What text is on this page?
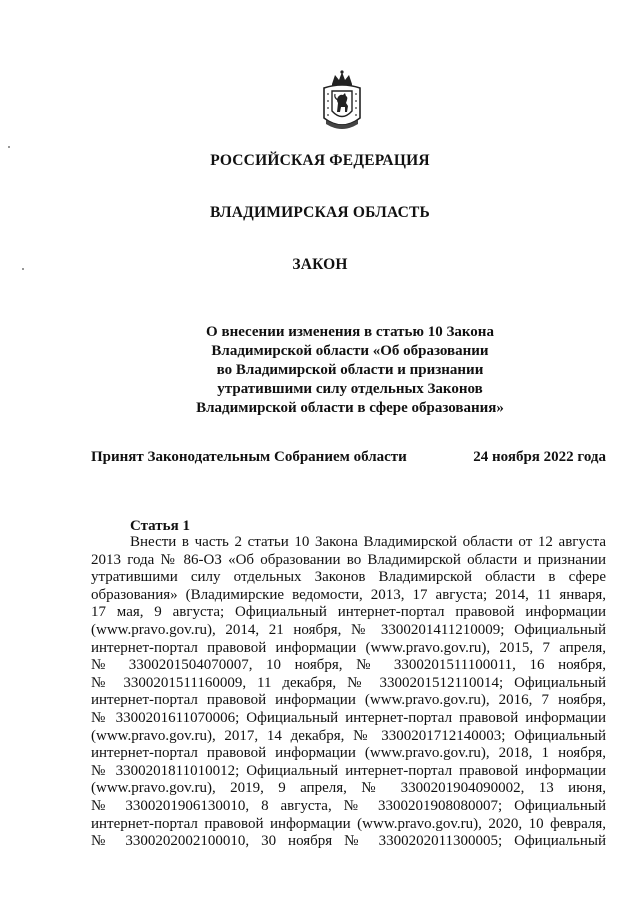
РОССИЙСКАЯ ФЕДЕРАЦИЯ
ВЛАДИМИРСКАЯ ОБЛАСТЬ
ЗАКОН
О внесении изменения в статью 10 Закона
Владимирской области «Об образовании
во Владимирской области и признании
утратившими силу отдельных Законов
Владимирской области в сфере образования»
Принят Законодательным Собранием области	24 ноября 2022 года
Статья 1
Внести в часть 2 статьи 10 Закона Владимирской области от 12 августа
2013 года № 86-ОЗ «Об образовании во Владимирской области и признании
утратившими силу отдельных Законов Владимирской области в сфере
образования» (Владимирские ведомости, 2013, 17 августа; 2014, 11 января,
17 мая, 9 августа; Официальный интернет-портал правовой информации
(www.pravo.gov.ru), 2014, 21 ноября, № 3300201411210009; Официальный
интернет-портал правовой информации (www.pravo.gov.ru), 2015, 7 апреля,
№ 3300201504070007, 10 ноября, № 3300201511100011, 16 ноября,
№ 3300201511160009, 11 декабря, № 3300201512110014; Официальный
интернет-портал правовой информации (www.pravo.gov.ru), 2016, 7 ноября,
№ 3300201611070006; Официальный интернет-портал правовой информации
(www.pravo.gov.ru), 2017, 14 декабря, № 3300201712140003; Официальный
интернет-портал правовой информации (www.pravo.gov.ru), 2018, 1 ноября,
№ 3300201811010012; Официальный интернет-портал правовой информации
(www.pravo.gov.ru), 2019, 9 апреля, № 3300201904090002, 13 июня,
№ 3300201906130010, 8 августа, № 3300201908080007; Официальный
интернет-портал правовой информации (www.pravo.gov.ru), 2020, 10 февраля,
№ 3300202002100010, 30 ноября № 3300202011300005; Официальный
